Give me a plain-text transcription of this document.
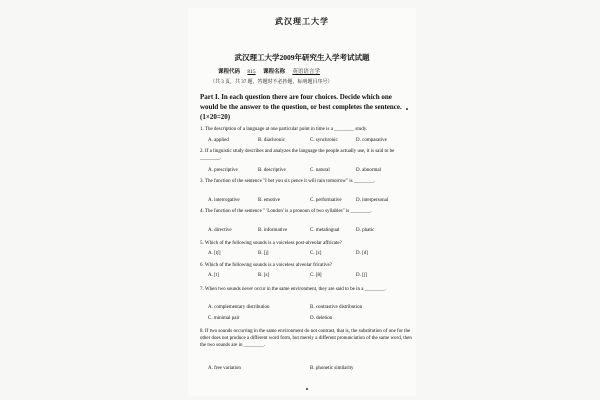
武汉理工大学
武汉理工大学2009年研究生入学考试试题
课程代码 815 课程名称 英语语言学
（共 3 页，共 37 题，答题时不必抄题，标明题目序号）
Part I. In each question there are four choices. Decide which one would be the answer to the question, or best completes the sentence.(1×20=20)
1. The description of a language at one particular point in time is a ________ study.
A. applied	B. diachronic	C. synchronic	D. comparative
2. If a linguistic study describes and analyzes the language the people actually use, it is said to be ________.
A. prescriptive	B. descriptive	C. natural	D. abnormal
3. The function of the sentence "I bet you six pence it will rain tomorrow" is ________.
A. interrogative	B. emotive	C. performative	D. interpersonal
4. The function of the sentence " 'London' is a pronoun of two syllables" is ________.
A. directive	B. informative	C. metalingual	D. phatic
5. Which of the following sounds is a voiceless post-alveolar affricate?
A. [tʃ]	B. [j]	C. [z]	D. [d]
6. Which of the following sounds is a voiceless alveolar fricative?
A. [t]	B. [s]	C. [θ]	D. [ʃ]
7. When two sounds never occur in the same environment, they are said to be in a ________.
A. complementary distribution	B. contrastive distribution
C. minimal pair	D. deletion
8. If two sounds occurring in the same environment do not contrast, that is, the substitution of one for the other does not produce a different word form, but merely a different pronunciation of the same word, then the two sounds are in ________.
A. free variation	B. phonetic similarity
